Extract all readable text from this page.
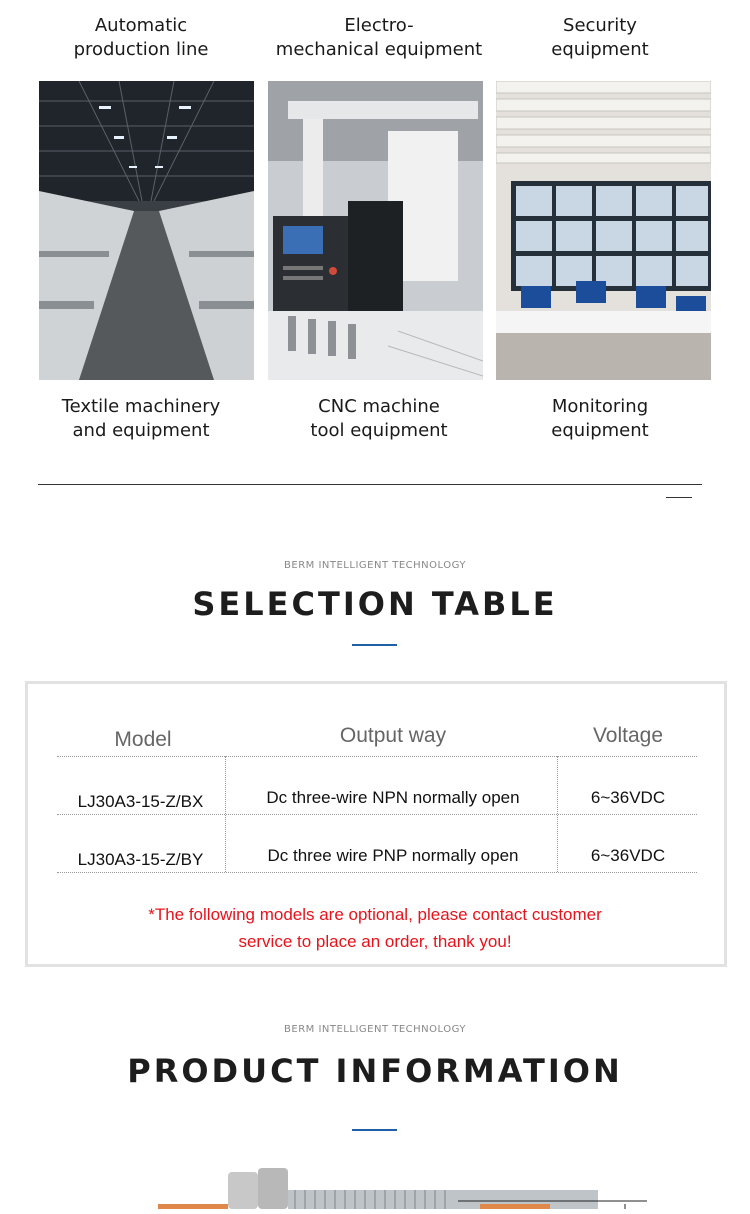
Automatic
production line
Electro-
mechanical equipment
Security
equipment
Textile machinery
and equipment
CNC machine
tool equipment
Monitoring
equipment
BERM INTELLIGENT TECHNOLOGY
SELECTION TABLE
Model	Output way	Voltage
LJ30A3-15-Z/BX	Dc three-wire NPN normally open	6~36VDC
LJ30A3-15-Z/BY	Dc three wire PNP normally open	6~36VDC
*The following models are optional, please contact customer
service to place an order, thank you!
BERM INTELLIGENT TECHNOLOGY
PRODUCT INFORMATION
